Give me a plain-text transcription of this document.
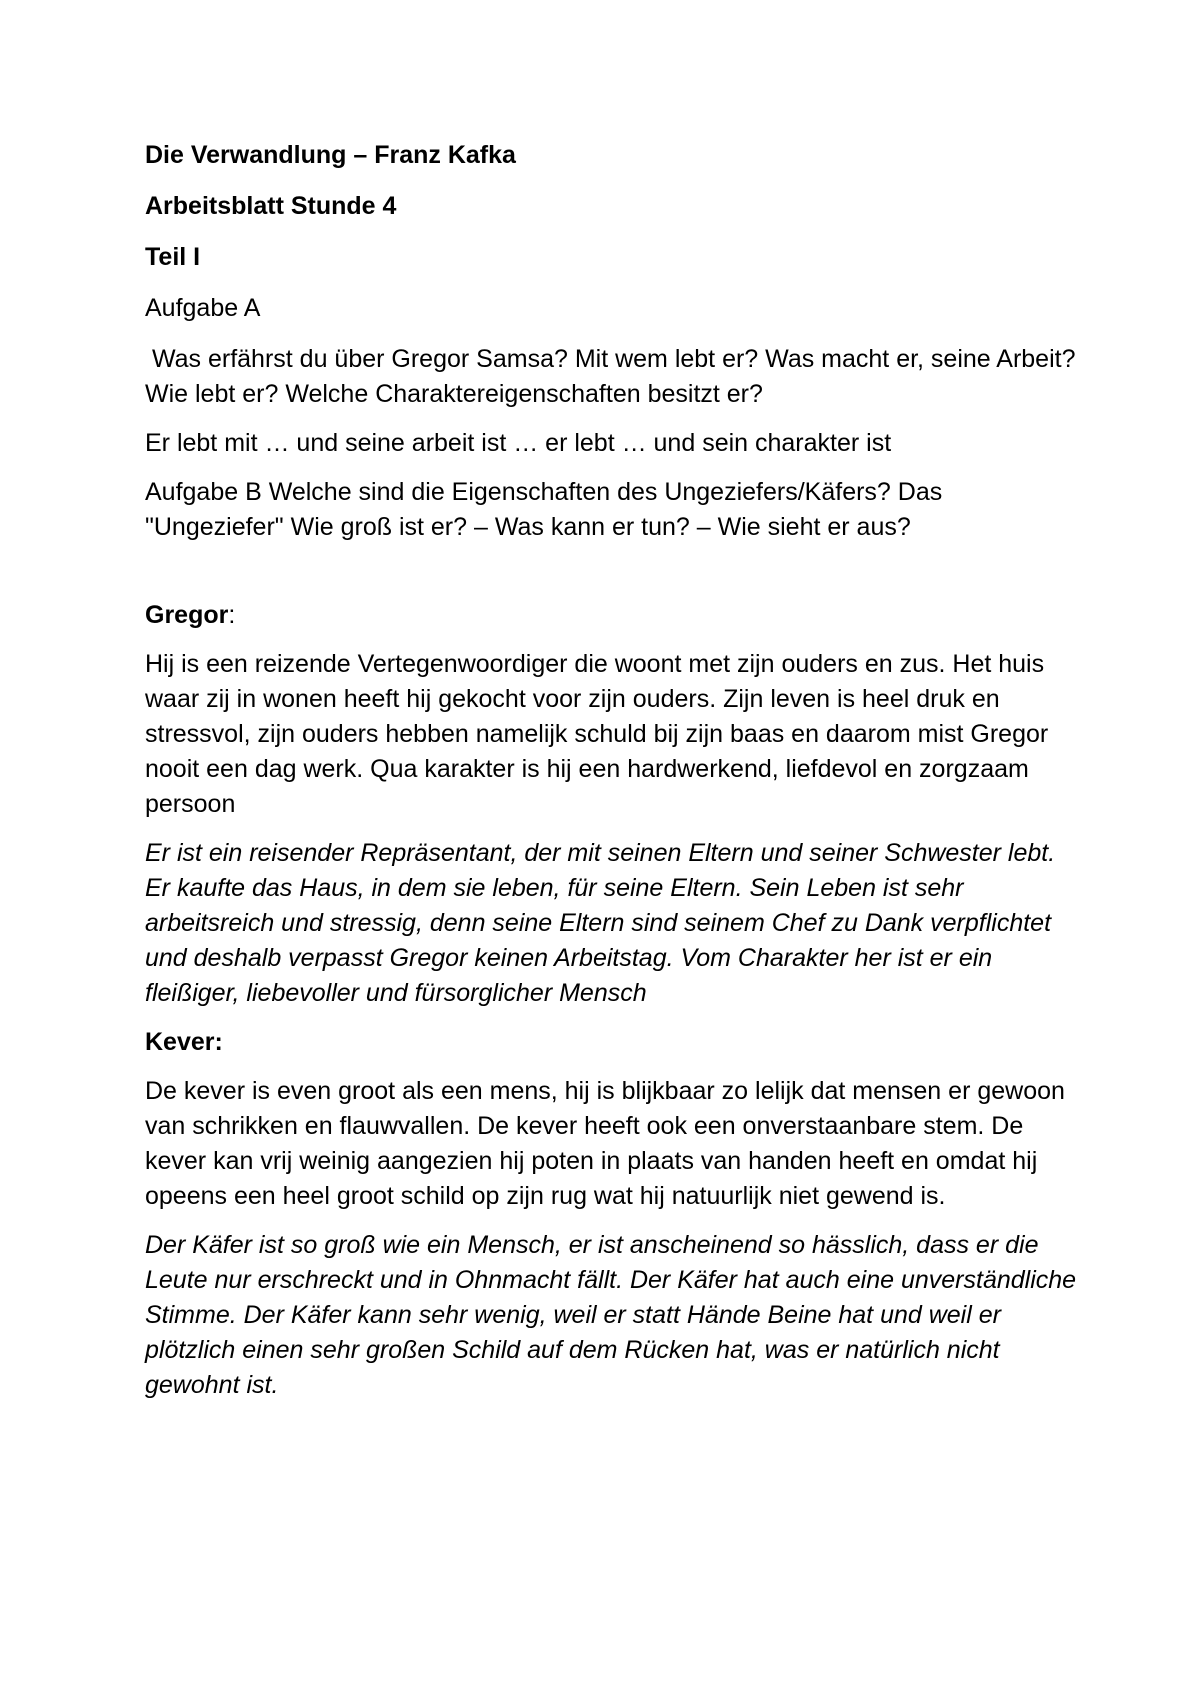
Die Verwandlung – Franz Kafka

Arbeitsblatt Stunde 4

Teil I

Aufgabe A

Was erfährst du über Gregor Samsa? Mit wem lebt er? Was macht er, seine Arbeit? Wie lebt er? Welche Charaktereigenschaften besitzt er?

Er lebt mit … und seine arbeit ist … er lebt … und sein charakter ist

Aufgabe B Welche sind die Eigenschaften des Ungeziefers/Käfers? Das "Ungeziefer" Wie groß ist er? – Was kann er tun? – Wie sieht er aus?

Gregor:

Hij is een reizende Vertegenwoordiger die woont met zijn ouders en zus. Het huis waar zij in wonen heeft hij gekocht voor zijn ouders. Zijn leven is heel druk en stressvol, zijn ouders hebben namelijk schuld bij zijn baas en daarom mist Gregor nooit een dag werk. Qua karakter is hij een hardwerkend, liefdevol en zorgzaam persoon

Er ist ein reisender Repräsentant, der mit seinen Eltern und seiner Schwester lebt. Er kaufte das Haus, in dem sie leben, für seine Eltern. Sein Leben ist sehr arbeitsreich und stressig, denn seine Eltern sind seinem Chef zu Dank verpflichtet und deshalb verpasst Gregor keinen Arbeitstag. Vom Charakter her ist er ein fleißiger, liebevoller und fürsorglicher Mensch

Kever:

De kever is even groot als een mens, hij is blijkbaar zo lelijk dat mensen er gewoon van schrikken en flauwvallen. De kever heeft ook een onverstaanbare stem. De kever kan vrij weinig aangezien hij poten in plaats van handen heeft en omdat hij opeens een heel groot schild op zijn rug wat hij natuurlijk niet gewend is.

Der Käfer ist so groß wie ein Mensch, er ist anscheinend so hässlich, dass er die Leute nur erschreckt und in Ohnmacht fällt. Der Käfer hat auch eine unverständliche Stimme. Der Käfer kann sehr wenig, weil er statt Hände Beine hat und weil er plötzlich einen sehr großen Schild auf dem Rücken hat, was er natürlich nicht gewohnt ist.
